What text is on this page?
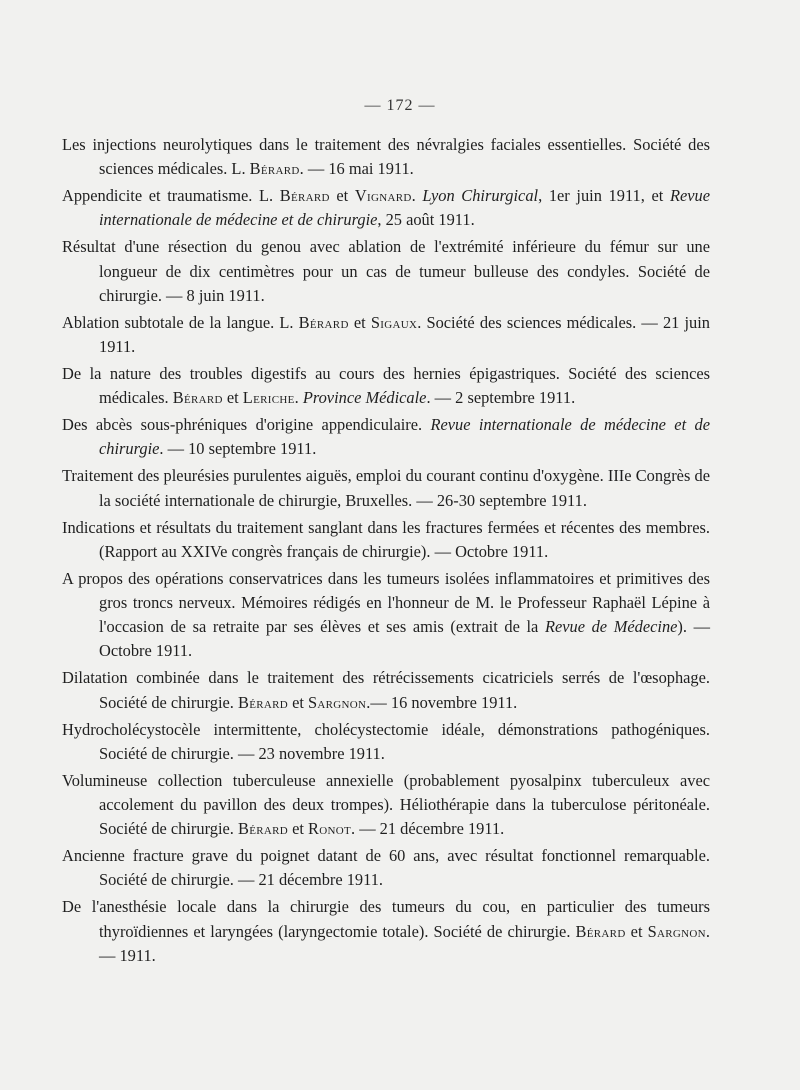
— 172 —

Les injections neurolytiques dans le traitement des névralgies faciales essentielles. Société des sciences médicales. L. Bérard. — 16 mai 1911.

Appendicite et traumatisme. L. Bérard et Vignard. Lyon Chirurgical, 1er juin 1911, et Revue internationale de médecine et de chirurgie, 25 août 1911.

Résultat d'une résection du genou avec ablation de l'extrémité inférieure du fémur sur une longueur de dix centimètres pour un cas de tumeur bulleuse des condyles. Société de chirurgie. — 8 juin 1911.

Ablation subtotale de la langue. L. Bérard et Sigaux. Société des sciences médicales. — 21 juin 1911.

De la nature des troubles digestifs au cours des hernies épigastriques. Société des sciences médicales. Bérard et Leriche. Province Médicale. — 2 septembre 1911.

Des abcès sous-phréniques d'origine appendiculaire. Revue internationale de médecine et de chirurgie. — 10 septembre 1911.

Traitement des pleurésies purulentes aiguës, emploi du courant continu d'oxygène. IIIe Congrès de la société internationale de chirurgie, Bruxelles. — 26-30 septembre 1911.

Indications et résultats du traitement sanglant dans les fractures fermées et récentes des membres. (Rapport au XXIVe congrès français de chirurgie). — Octobre 1911.

A propos des opérations conservatrices dans les tumeurs isolées inflammatoires et primitives des gros troncs nerveux. Mémoires rédigés en l'honneur de M. le Professeur Raphaël Lépine à l'occasion de sa retraite par ses élèves et ses amis (extrait de la Revue de Médecine). — Octobre 1911.

Dilatation combinée dans le traitement des rétrécissements cicatriciels serrés de l'œsophage. Société de chirurgie. Bérard et Sargnon.— 16 novembre 1911.

Hydrocholécystocèle intermittente, cholécystectomie idéale, démonstrations pathogéniques. Société de chirurgie. — 23 novembre 1911.

Volumineuse collection tuberculeuse annexielle (probablement pyosalpinx tuberculeux avec accolement du pavillon des deux trompes). Héliothérapie dans la tuberculose péritonéale. Société de chirurgie. Bérard et Ronot. — 21 décembre 1911.

Ancienne fracture grave du poignet datant de 60 ans, avec résultat fonctionnel remarquable. Société de chirurgie. — 21 décembre 1911.

De l'anesthésie locale dans la chirurgie des tumeurs du cou, en particulier des tumeurs thyroïdiennes et laryngées (laryngectomie totale). Société de chirurgie. Bérard et Sargnon. — 1911.
